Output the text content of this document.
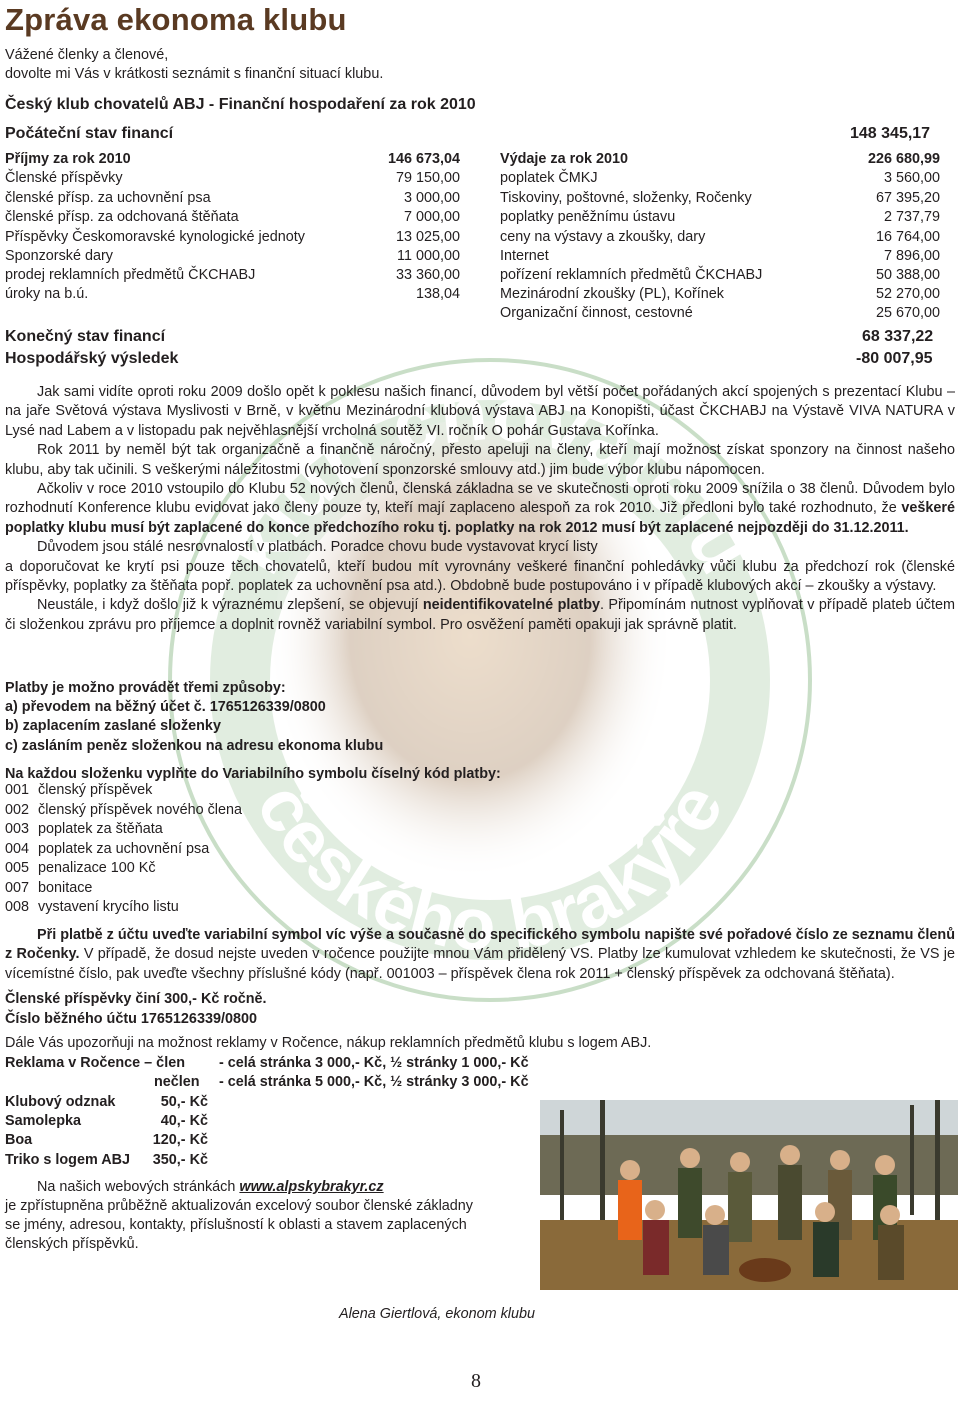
klub chovatelů
českého brakýře
Zpráva ekonoma klubu
Vážené členky a členové,
dovolte mi Vás v krátkosti seznámit s finanční situací klubu.
Český klub chovatelů ABJ - Finanční hospodaření za rok 2010
Počáteční stav financí	148 345,17
Příjmy za rok 2010	146 673,04
Členské příspěvky	79 150,00
členské přísp. za uchovnění psa	3 000,00
členské přísp. za odchovaná štěňata	7 000,00
Příspěvky Českomoravské kynologické jednoty	13 025,00
Sponzorské dary	11 000,00
prodej reklamních předmětů ČKCHABJ	33 360,00
úroky na b.ú.	138,04
Výdaje za rok 2010	226 680,99
poplatek ČMKJ	3 560,00
Tiskoviny, poštovné, složenky, Ročenky	67 395,20
poplatky peněžnímu ústavu	2 737,79
ceny na výstavy a zkoušky, dary	16 764,00
Internet	7 896,00
pořízení reklamních předmětů ČKCHABJ	50 388,00
Mezinárodní zkoušky (PL), Kořínek	52 270,00
Organizační činnost, cestovné	25 670,00
Konečný stav financí	68 337,22
Hospodářský výsledek	-80 007,95

Jak sami vidíte oproti roku 2009 došlo opět k poklesu našich financí, důvodem byl větší počet pořádaných akcí spojených s prezentací Klubu – na jaře Světová výstava Myslivosti v Brně, v květnu Mezinárodní klubová výstava ABJ na Konopišti, účast ČKCHABJ na Výstavě VIVA NATURA v Lysé nad Labem a v listopadu pak nejvěhlasnější vrcholná soutěž VI. ročník O pohár Gustava Kořínka.

Rok 2011 by neměl být tak organizačně a finančně náročný, přesto apeluji na členy, kteří mají možnost získat sponzory na činnost našeho klubu, aby tak učinili. S veškerými náležitostmi (vyhotovení sponzorské smlouvy atd.) jim bude výbor klubu nápomocen.

Ačkoliv v roce 2010 vstoupilo do Klubu 52 nových členů, členská základna se ve skutečnosti oproti roku 2009 snížila o 38 členů. Důvodem bylo rozhodnutí Konference klubu evidovat jako členy pouze ty, kteří mají zaplaceno alespoň za rok 2010. Již předloni bylo také rozhodnuto, že veškeré poplatky klubu musí být zaplacené do konce předchozího roku tj. poplatky na rok 2012 musí být zaplacené nejpozději do 31.12.2011.

Důvodem jsou stálé nesrovnalostí v platbách. Poradce chovu bude vystavovat krycí listy

a doporučovat ke krytí psi pouze těch chovatelů, kteří budou mít vyrovnány veškeré finanční pohledávky vůči klubu za předchozí rok (členské příspěvky, poplatky za štěňata popř. poplatek za uchovnění psa atd.). Obdobně bude postupováno i v případě klubových akcí – zkoušky a výstavy.

Neustále, i když došlo již k výraznému zlepšení, se objevují neidentifikovatelné platby. Připomínám nutnost vyplňovat v případě plateb účtem či složenkou zprávu pro příjemce a doplnit rovněž variabilní symbol. Pro osvěžení paměti opakuji jak správně platit.

Platby je možno provádět třemi způsoby:
a) převodem na běžný účet č. 1765126339/0800
b) zaplacením zaslané složenky
c) zasláním peněz složenkou na adresu ekonoma klubu
Na každou složenku vyplňte do Variabilního symbolu číselný kód platby:
001 členský příspěvek
002 členský příspěvek nového člena
003 poplatek za štěňata
004 poplatek za uchovnění psa
005 penalizace 100 Kč
007 bonitace
008 vystavení krycího listu

Při platbě z účtu uveďte variabilní symbol víc výše a současně do specifického symbolu napište své pořadové číslo ze seznamu členů z Ročenky. V případě, že dosud nejste uveden v ročence použijte mnou Vám přidělený VS. Platby lze kumulovat vzhledem ke skutečnosti, že VS je vícemístné číslo, pak uveďte všechny příslušné kódy (např. 001003 – příspěvek člena rok 2011 + členský příspěvek za odchovaná štěňata).

Členské příspěvky činí 300,- Kč ročně.
Číslo běžného účtu 1765126339/0800
Dále Vás upozorňuji na možnost reklamy v Ročence, nákup reklamních předmětů klubu s logem ABJ.
Reklama v Ročence – člen - celá stránka 3 000,- Kč, ½ stránky 1 000,- Kč
nečlen - celá stránka 5 000,- Kč, ½ stránky 3 000,- Kč
Klubový odznak	50,- Kč
Samolepka	40,- Kč
Boa	120,- Kč
Triko s logem ABJ 350,- Kč
Na našich webových stránkách www.alpskybrakyr.cz
je zpřístupněna průběžně aktualizován excelový soubor členské základny
se jmény, adresou, kontakty, příslušností k oblasti a stavem zaplacených
členských příspěvků.
Alena Giertlová, ekonom klubu
8
